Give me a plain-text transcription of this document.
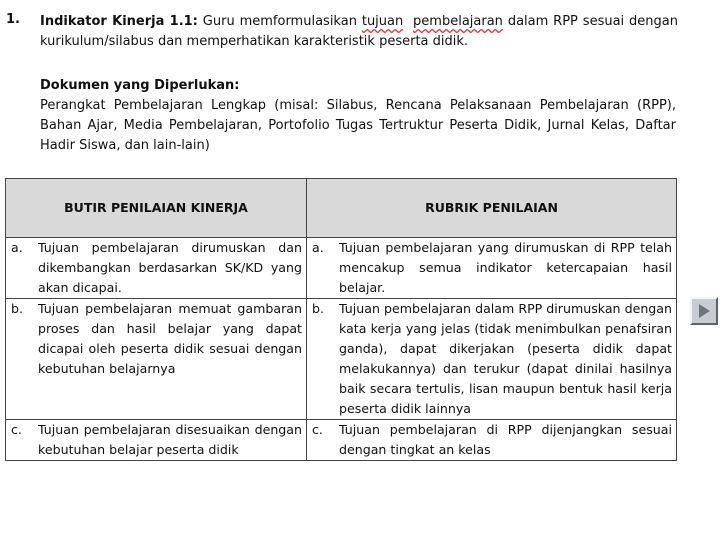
1. Indikator Kinerja 1.1: Guru memformulasikan tujuan pembelajaran dalam RPP sesuai dengan kurikulum/silabus dan memperhatikan karakteristik peserta didik.
Dokumen yang Diperlukan:
Perangkat Pembelajaran Lengkap (misal: Silabus, Rencana Pelaksanaan Pembelajaran (RPP), Bahan Ajar, Media Pembelajaran, Portofolio Tugas Tertruktur Peserta Didik, Jurnal Kelas, Daftar Hadir Siswa, dan lain-lain)
BUTIR PENILAIAN KINERJA	RUBRIK PENILAIAN

a. Tujuan pembelajaran dirumuskan dan dikembangkan berdasarkan SK/KD yang akan dicapai.	a. Tujuan pembelajaran yang dirumuskan di RPP telah mencakup semua indikator ketercapaian hasil belajar.

b. Tujuan pembelajaran memuat gambaran proses dan hasil belajar yang dapat dicapai oleh peserta didik sesuai dengan kebutuhan belajarnya	b. Tujuan pembelajaran dalam RPP dirumuskan dengan kata kerja yang jelas (tidak menimbulkan penafsiran ganda), dapat dikerjakan (peserta didik dapat melakukannya) dan terukur (dapat dinilai hasilnya baik secara tertulis, lisan maupun bentuk hasil kerja peserta didik lainnya

c. Tujuan pembelajaran disesuaikan dengan kebutuhan belajar peserta didik	c. Tujuan pembelajaran di RPP dijenjangkan sesuai dengan tingkat an kelas
